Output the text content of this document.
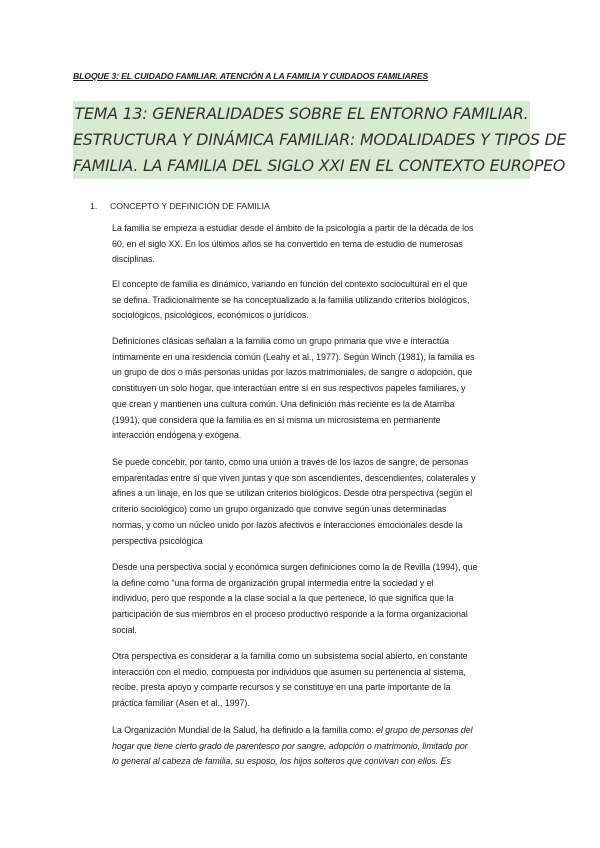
BLOQUE 3: EL CUIDADO FAMILIAR. ATENCIÓN A LA FAMILIA Y CUIDADOS FAMILIARES
TEMA 13: GENERALIDADES SOBRE EL ENTORNO FAMILIAR.
ESTRUCTURA Y DINÁMICA FAMILIAR: MODALIDADES Y TIPOS DE
FAMILIA. LA FAMILIA DEL SIGLO XXI EN EL CONTEXTO EUROPEO
1. CONCEPTO Y DEFINICIÓN DE FAMILIA
La familia se empieza a estudiar desde el ámbito de la psicología a partir de la década de los
60, en el siglo XX. En los últimos años se ha convertido en tema de estudio de numerosas
disciplinas.
El concepto de familia es dinámico, variando en función del contexto sociocultural en el que
se defina. Tradicionalmente se ha conceptualizado a la familia utilizando criterios biológicos,
sociológicos, psicológicos, económicos o jurídicos.
Definiciones clásicas señalan a la familia como un grupo primaria que vive e interactúa
íntimamente en una residencia común (Leahy et al., 1977). Según Winch (1981), la familia es
un grupo de dos o más personas unidas por lazos matrimoniales, de sangre o adopción, que
constituyen un solo hogar, que interactúan entre sí en sus respectivos papeles familiares, y
que crean y mantienen una cultura común. Una definición más reciente es la de Atarriba
(1991), que considera que la familia es en sí misma un microsistema en permanente
interacción endógena y exógena.
Se puede concebir, por tanto, como una unión a través de los lazos de sangre, de personas
emparentadas entre sí que viven juntas y que son ascendientes, descendientes, colaterales y
afines a un linaje, en los que se utilizan criterios biológicos. Desde otra perspectiva (según el
criterio sociológico) como un grupo organizado que convive según unas determinadas
normas, y como un núcleo unido por lazos afectivos e interacciones emocionales desde la
perspectiva psicológica
Desde una perspectiva social y económica surgen definiciones como la de Revilla (1994), que
la define como “una forma de organización grupal intermedia entre la sociedad y el
individuo, pero que responde a la clase social a la que pertenece, lo que significa que la
participación de sus miembros en el proceso productivo responde a la forma organizacional
social.
Otra perspectiva es considerar a la familia como un subsistema social abierto, en constante
interacción con el medio, compuesta por individuos que asumen su pertenencia al sistema,
recibe, presta apoyo y comparte recursos y se constituye en una parte importante de la
práctica familiar (Asen et al., 1997).
La Organización Mundial de la Salud, ha definido a la familia como: el grupo de personas del
hogar que tiene cierto grado de parentesco por sangre, adopción o matrimonio, limitado por
lo general al cabeza de familia, su esposo, los hijos solteros que convivan con ellos. Es
